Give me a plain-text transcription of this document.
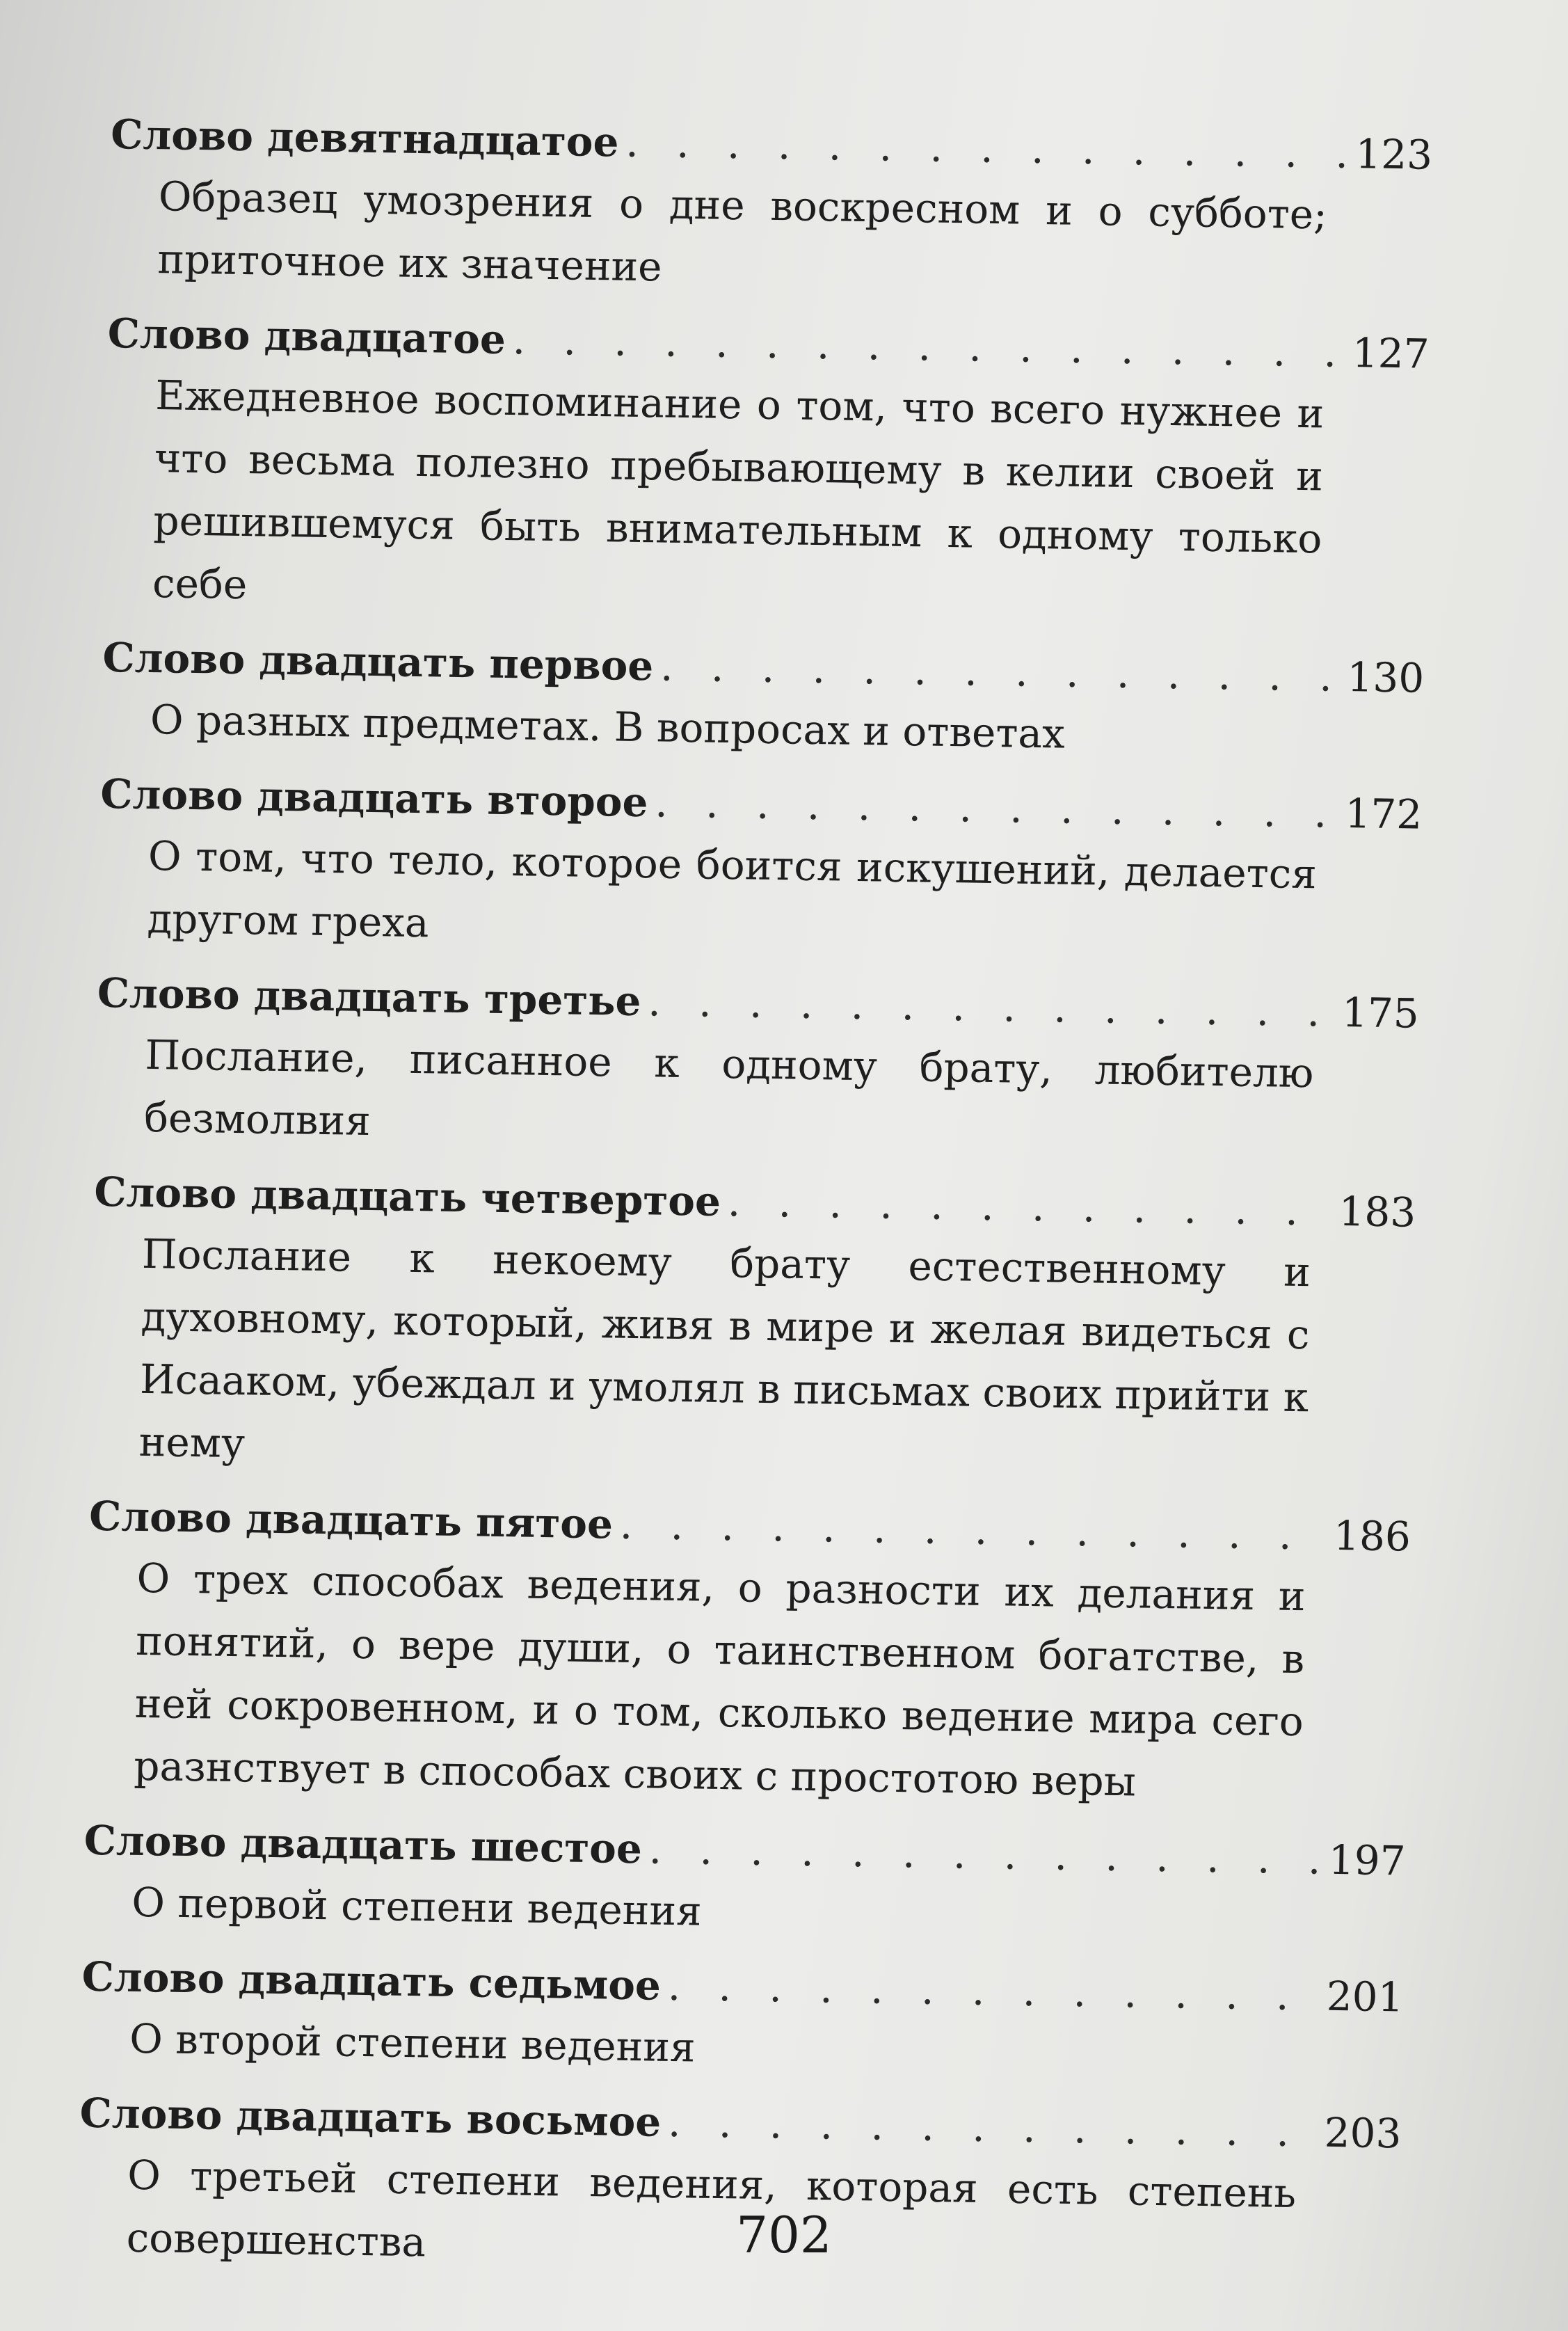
Слово девятнадцатое . . .	123
Образец умозрения о дне воскресном и о субботе; приточное их значение
Слово двадцатое . . .	127
Ежедневное воспоминание о том, что всего нужнее и что весьма полезно пребывающему в келии своей и решившемуся быть внимательным к одному только себе
Слово двадцать первое . . .	130
О разных предметах. В вопросах и ответах
Слово двадцать второе . . .	172
О том, что тело, которое боится искушений, делается другом греха
Слово двадцать третье . . .	175
Послание, писанное к одному брату, любителю безмолвия
Слово двадцать четвертое . . .	183
Послание к некоему брату естественному и духовному, который, живя в мире и желая видеться с Исааком, убеждал и умолял в письмах своих прийти к нему
Слово двадцать пятое . . .	186
О трех способах ведения, о разности их делания и понятий, о вере души, о таинственном богатстве, в ней сокровенном, и о том, сколько ведение мира сего разнствует в способах своих с простотою веры
Слово двадцать шестое . . .	197
О первой степени ведения
Слово двадцать седьмое . . .	201
О второй степени ведения
Слово двадцать восьмое . . .	203
О третьей степени ведения, которая есть степень совершенства	702
